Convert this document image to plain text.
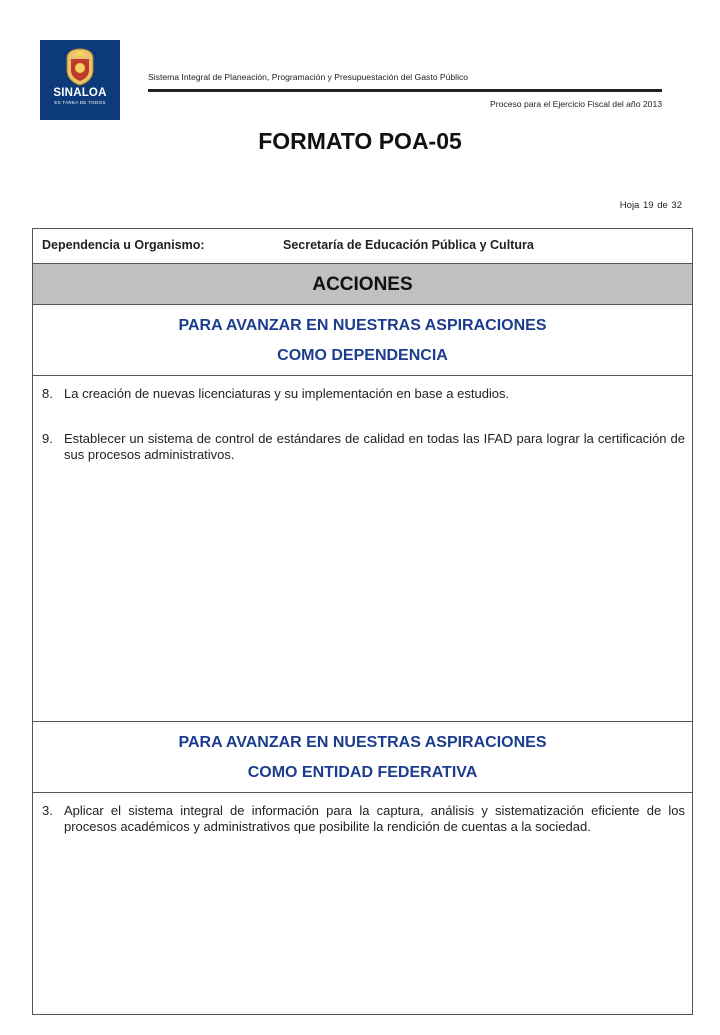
SINALOA
ES TAREA DE TODOS
Sistema Integral de Planeación, Programación y Presupuestación del Gasto Público
Proceso para el Ejercicio Fiscal del año 2013
FORMATO POA-05
Hoja 19 de 32
Dependencia u Organismo:	Secretaría de Educación Pública y Cultura
ACCIONES
PARA AVANZAR EN NUESTRAS ASPIRACIONES
COMO DEPENDENCIA
8. La creación de nuevas licenciaturas y su implementación en base a estudios.
9. Establecer un sistema de control de estándares de calidad en todas las IFAD para lograr la certificación de sus procesos administrativos.
PARA AVANZAR EN NUESTRAS ASPIRACIONES
COMO ENTIDAD FEDERATIVA
3. Aplicar el sistema integral de información para la captura, análisis y sistematización eficiente de los procesos académicos y administrativos que posibilite la rendición de cuentas a la sociedad.
